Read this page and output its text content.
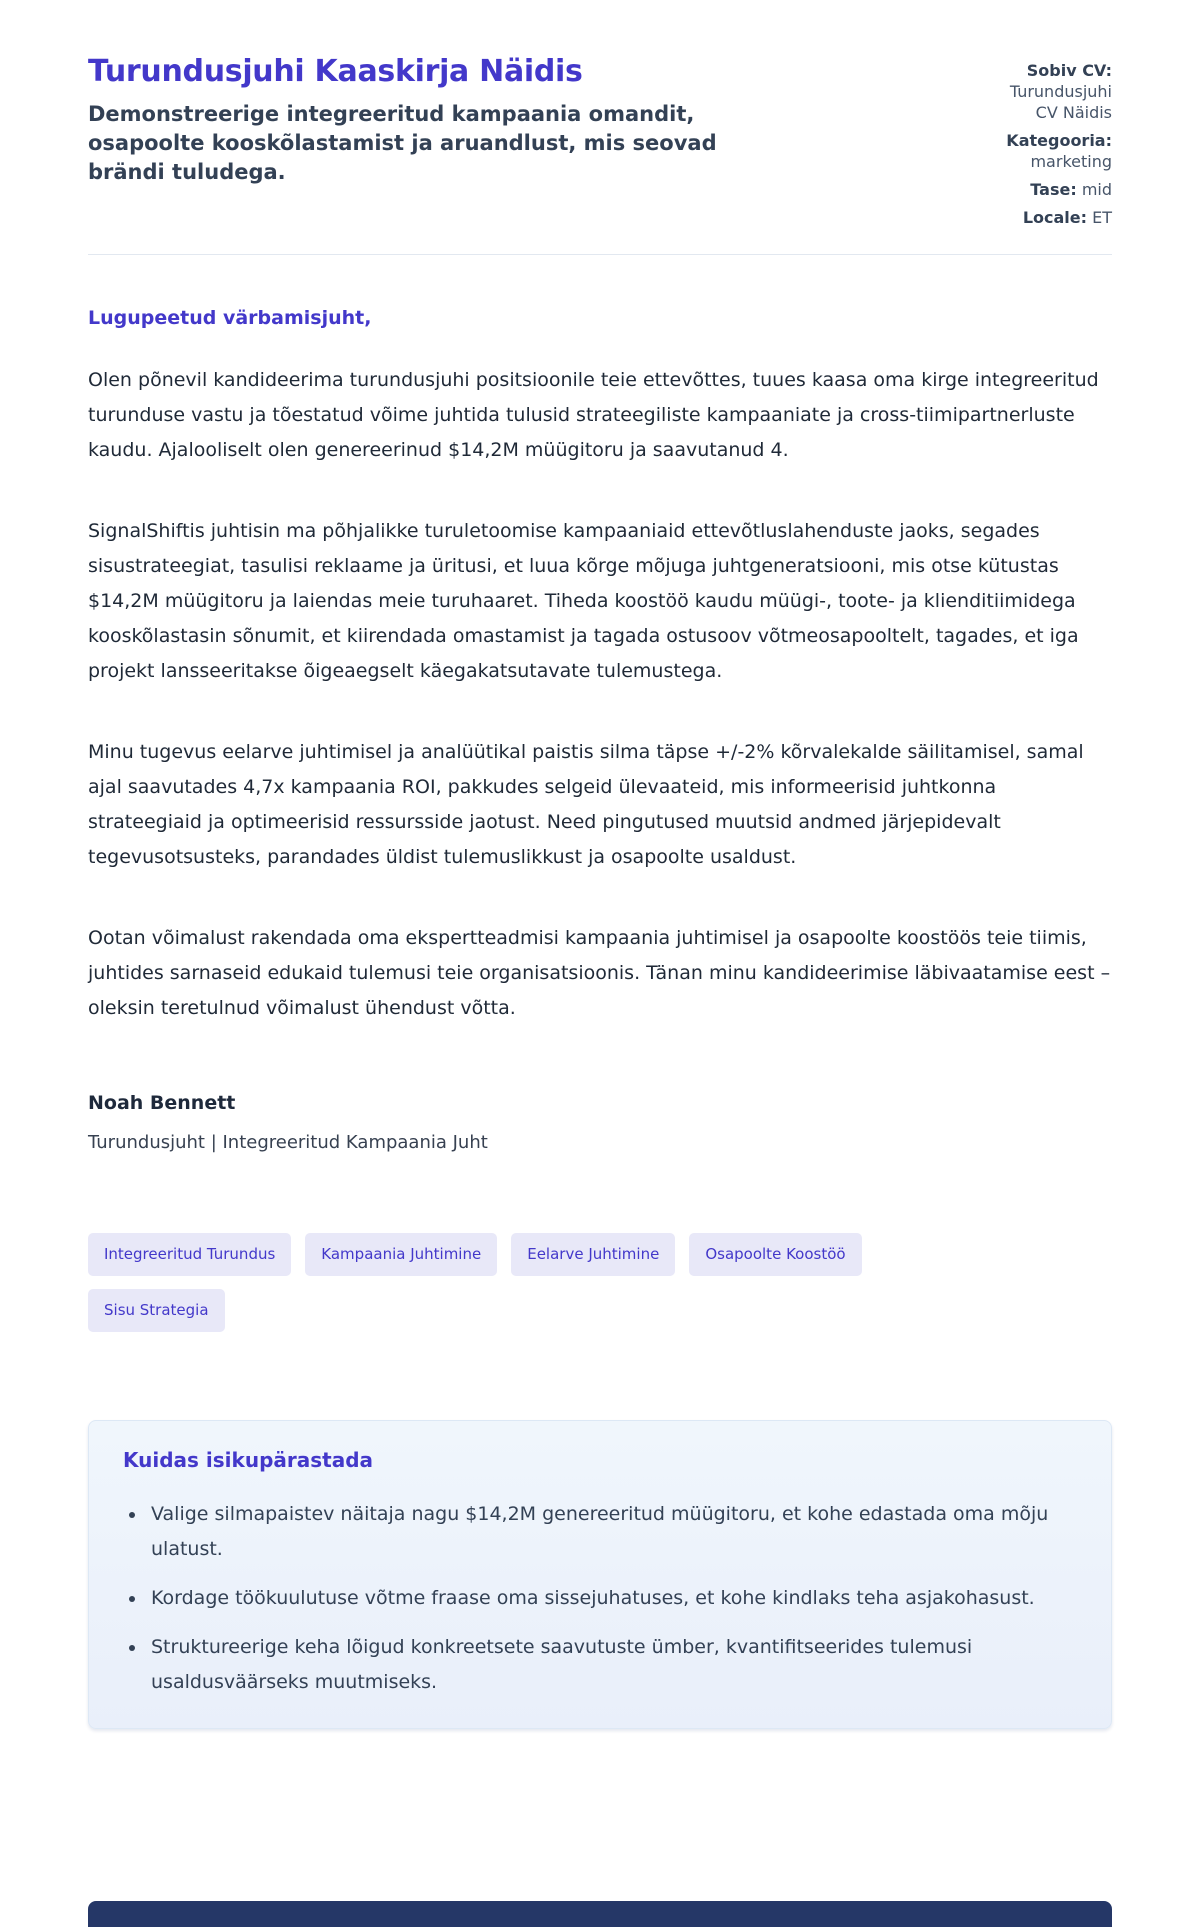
Turundusjuhi Kaaskirja Näidis

Demonstreerige integreeritud kampaania omandit, osapoolte kooskõlastamist ja aruandlust, mis seovad brändi tuludega.

Sobiv CV: Turundusjuhi CV Näidis
Kategooria: marketing
Tase: mid
Locale: ET

Lugupeetud värbamisjuht,

Olen põnevil kandideerima turundusjuhi positsioonile teie ettevõttes, tuues kaasa oma kirge integreeritud turunduse vastu ja tõestatud võime juhtida tulusid strateegiliste kampaaniate ja cross-tiimipartnerluste kaudu. Ajalooliselt olen genereerinud $14,2M müügitoru ja saavutanud 4.

SignalShiftis juhtisin ma põhjalikke turuletoomise kampaaniaid ettevõtluslahenduste jaoks, segades sisustrateegiat, tasulisi reklaame ja üritusi, et luua kõrge mõjuga juhtgeneratsiooni, mis otse kütustas $14,2M müügitoru ja laiendas meie turuhaaret. Tiheda koostöö kaudu müügi-, toote- ja klienditiimidega kooskõlastasin sõnumit, et kiirendada omastamist ja tagada ostusoov võtmeosapooltelt, tagades, et iga projekt lansseeritakse õigeaegselt käegakatsutavate tulemustega.

Minu tugevus eelarve juhtimisel ja analüütikal paistis silma täpse +/-2% kõrvalekalde säilitamisel, samal ajal saavutades 4,7x kampaania ROI, pakkudes selgeid ülevaateid, mis informeerisid juhtkonna strateegiaid ja optimeerisid ressursside jaotust. Need pingutused muutsid andmed järjepidevalt tegevusotsusteks, parandades üldist tulemuslikkust ja osapoolte usaldust.

Ootan võimalust rakendada oma ekspertteadmisi kampaania juhtimisel ja osapoolte koostöös teie tiimis, juhtides sarnaseid edukaid tulemusi teie organisatsioonis. Tänan minu kandideerimise läbivaatamise eest – oleksin teretulnud võimalust ühendust võtta.

Noah Bennett

Turundusjuht | Integreeritud Kampaania Juht

Integreeritud Turundus	Kampaania Juhtimine	Eelarve Juhtimine	Osapoolte Koostöö
Sisu Strategia
Kuidas isikupärastada
• Valige silmapaistev näitaja nagu $14,2M genereeritud müügitoru, et kohe edastada oma mõju ulatust.
• Kordage töökuulutuse võtme fraase oma sissejuhatuses, et kohe kindlaks teha asjakohasust.
• Struktureerige keha lõigud konkreetsete saavutuste ümber, kvantifitseerides tulemusi usaldusväärseks muutmiseks.
